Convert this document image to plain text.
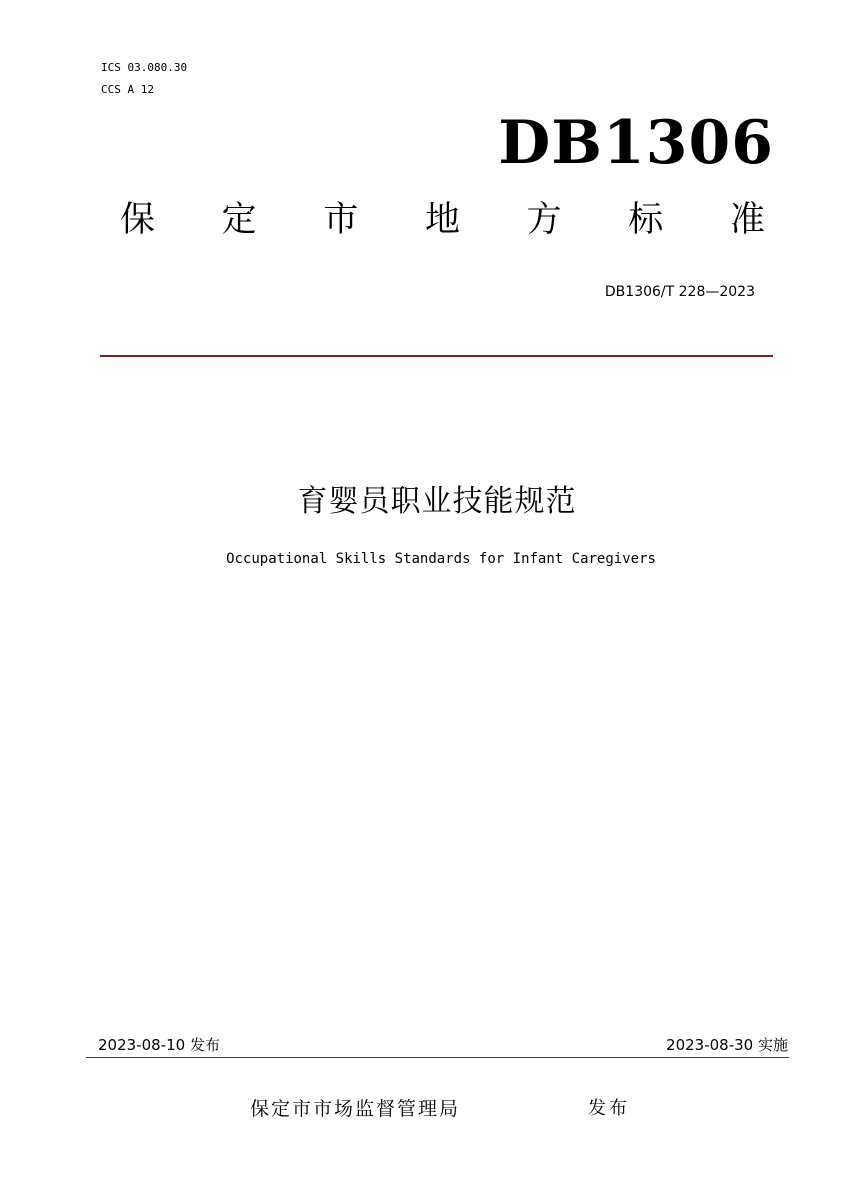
ICS 03.080.30
CCS A 12
DB1306
保 定 市 地 方 标 准
DB1306/T 228—2023
育婴员职业技能规范
Occupational Skills Standards for Infant Caregivers
2023-08-10 发布	2023-08-30 实施
保定市市场监督管理局	发布
